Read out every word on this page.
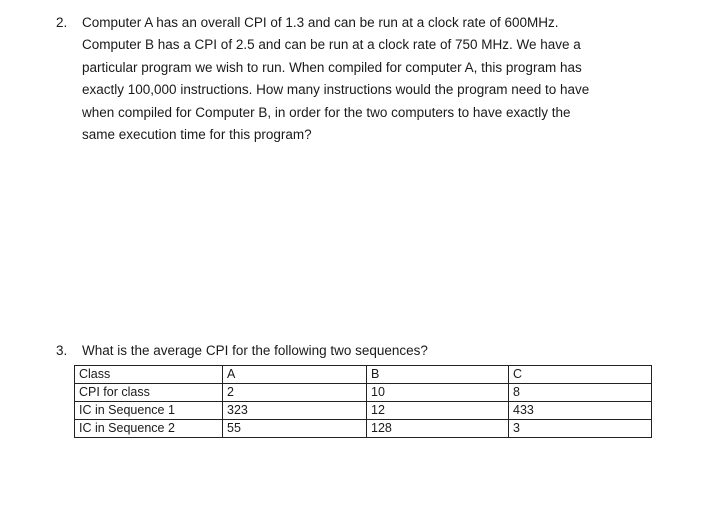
2. Computer A has an overall CPI of 1.3 and can be run at a clock rate of 600MHz.
Computer B has a CPI of 2.5 and can be run at a clock rate of 750 MHz. We have a
particular program we wish to run. When compiled for computer A, this program has
exactly 100,000 instructions. How many instructions would the program need to have
when compiled for Computer B, in order for the two computers to have exactly the
same execution time for this program?
3. What is the average CPI for the following two sequences?
Class	A	B	C
CPI for class	2	10	8
IC in Sequence 1	323	12	433
IC in Sequence 2	55	128	3
